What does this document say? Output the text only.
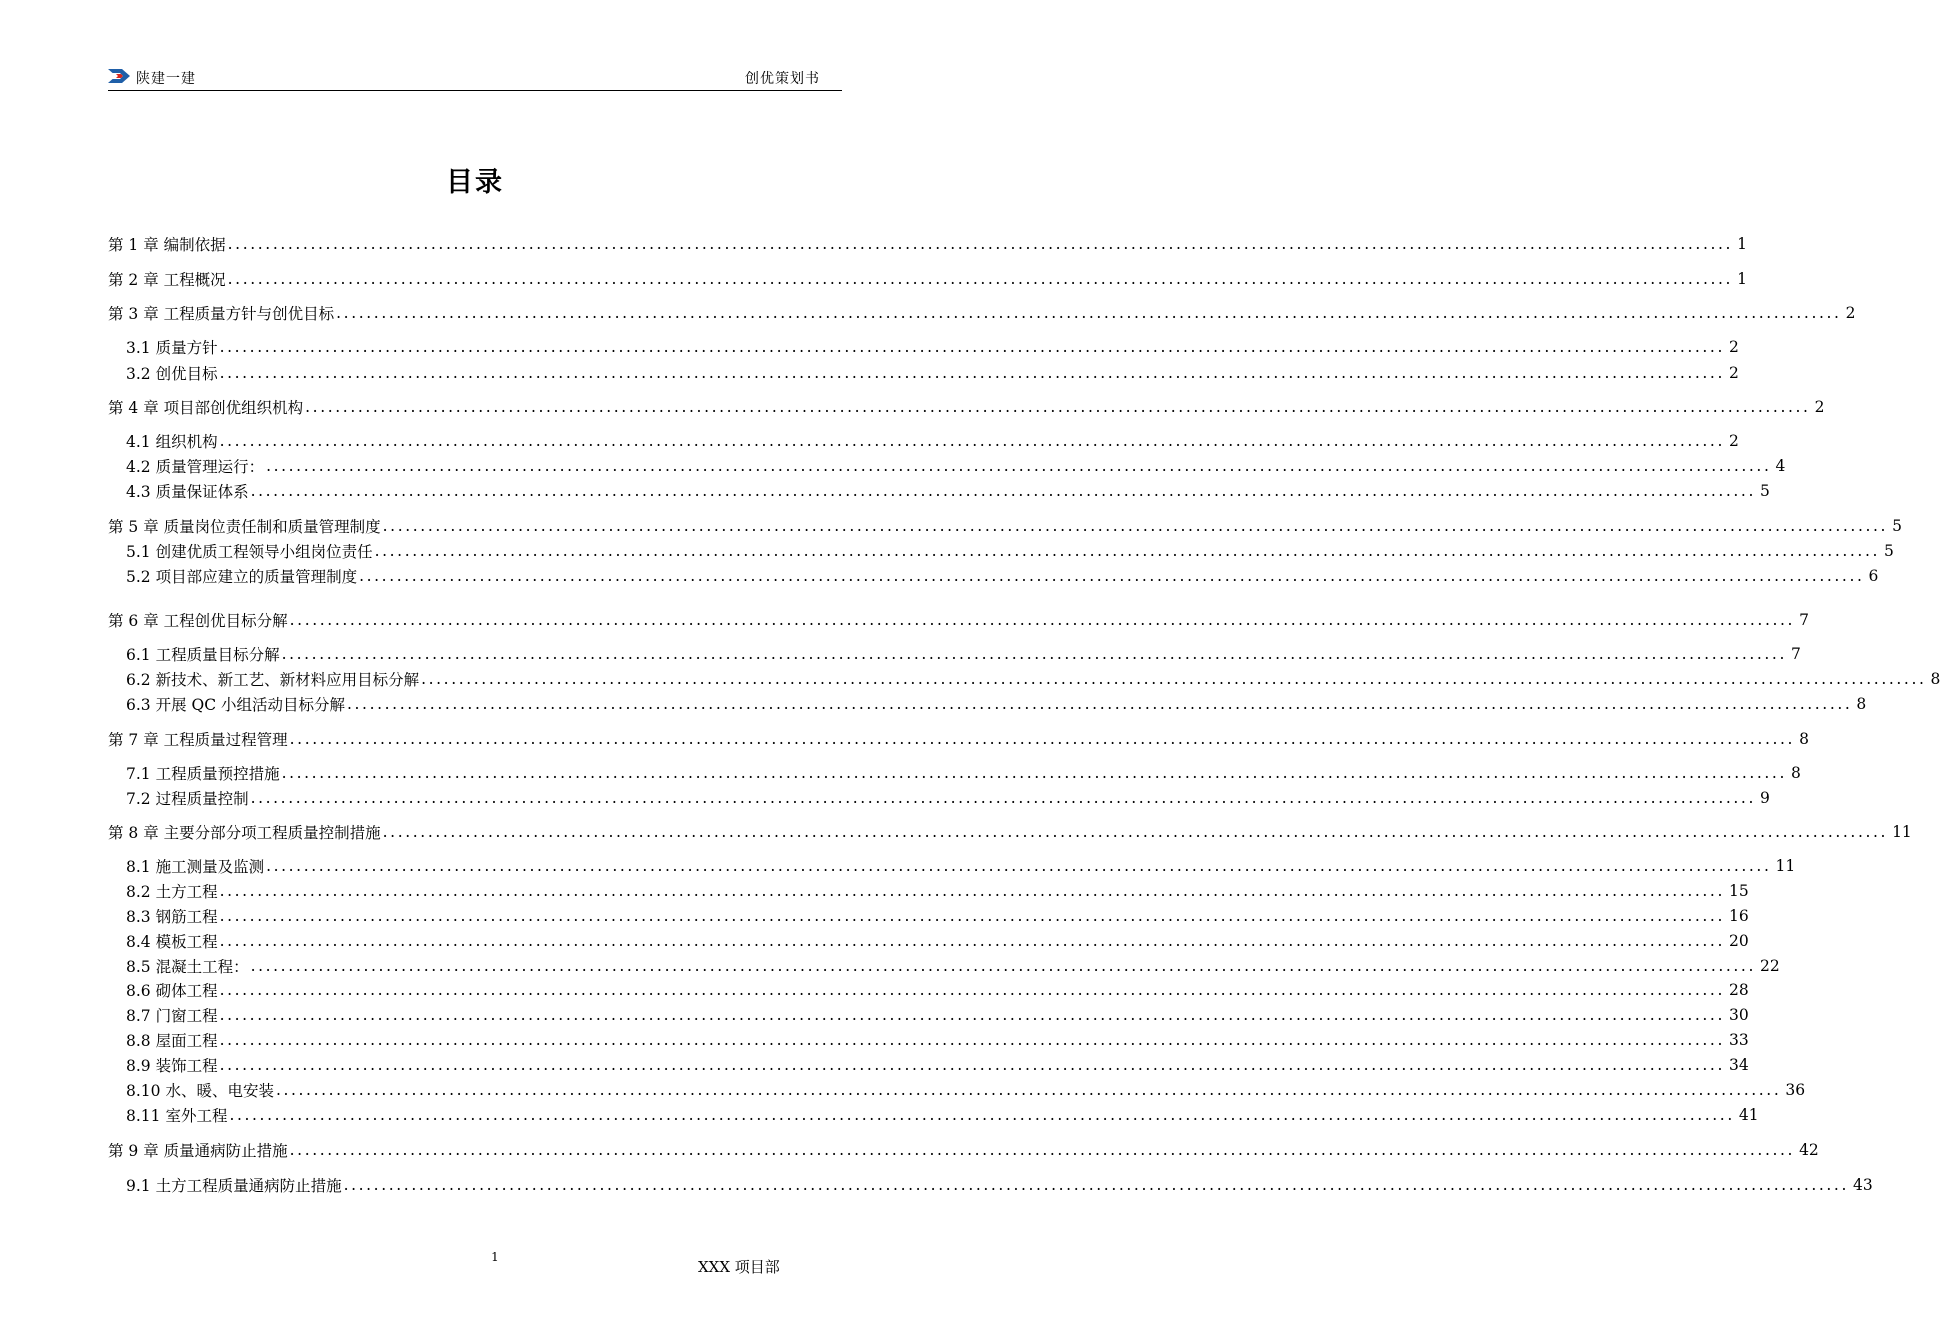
陕建一建	创优策划书
目录
第 1 章 编制依据 ........................................................................................................................................................................................................ 1
第 2 章 工程概况 ........................................................................................................................................................................................................ 1
第 3 章 工程质量方针与创优目标 ........................................................................................................................................................................................................ 2
3.1 质量方针 ........................................................................................................................................................................................................ 2
3.2 创优目标 ........................................................................................................................................................................................................ 2
第 4 章 项目部创优组织机构 ........................................................................................................................................................................................................ 2
4.1 组织机构 ........................................................................................................................................................................................................ 2
4.2 质量管理运行： ........................................................................................................................................................................................................ 4
4.3 质量保证体系 ........................................................................................................................................................................................................ 5
第 5 章 质量岗位责任制和质量管理制度 ........................................................................................................................................................................................................ 5
5.1 创建优质工程领导小组岗位责任 ........................................................................................................................................................................................................ 5
5.2 项目部应建立的质量管理制度 ........................................................................................................................................................................................................ 6
第 6 章 工程创优目标分解 ........................................................................................................................................................................................................ 7
6.1 工程质量目标分解 ........................................................................................................................................................................................................ 7
6.2 新技术、新工艺、新材料应用目标分解 ........................................................................................................................................................................................................ 8
6.3 开展 QC 小组活动目标分解 ........................................................................................................................................................................................................ 8
第 7 章 工程质量过程管理 ........................................................................................................................................................................................................ 8
7.1 工程质量预控措施 ........................................................................................................................................................................................................ 8
7.2 过程质量控制 ........................................................................................................................................................................................................ 9
第 8 章 主要分部分项工程质量控制措施 ........................................................................................................................................................................................................ 11
8.1 施工测量及监测 ........................................................................................................................................................................................................ 11
8.2 土方工程 ........................................................................................................................................................................................................ 15
8.3 钢筋工程 ........................................................................................................................................................................................................ 16
8.4 模板工程 ........................................................................................................................................................................................................ 20
8.5 混凝土工程： ........................................................................................................................................................................................................ 22
8.6 砌体工程 ........................................................................................................................................................................................................ 28
8.7 门窗工程 ........................................................................................................................................................................................................ 30
8.8 屋面工程 ........................................................................................................................................................................................................ 33
8.9 装饰工程 ........................................................................................................................................................................................................ 34
8.10 水、暖、电安装 ........................................................................................................................................................................................................ 36
8.11 室外工程 ........................................................................................................................................................................................................ 41
第 9 章 质量通病防止措施 ........................................................................................................................................................................................................ 42
9.1 土方工程质量通病防止措施 ........................................................................................................................................................................................................ 43
1
XXX 项目部
